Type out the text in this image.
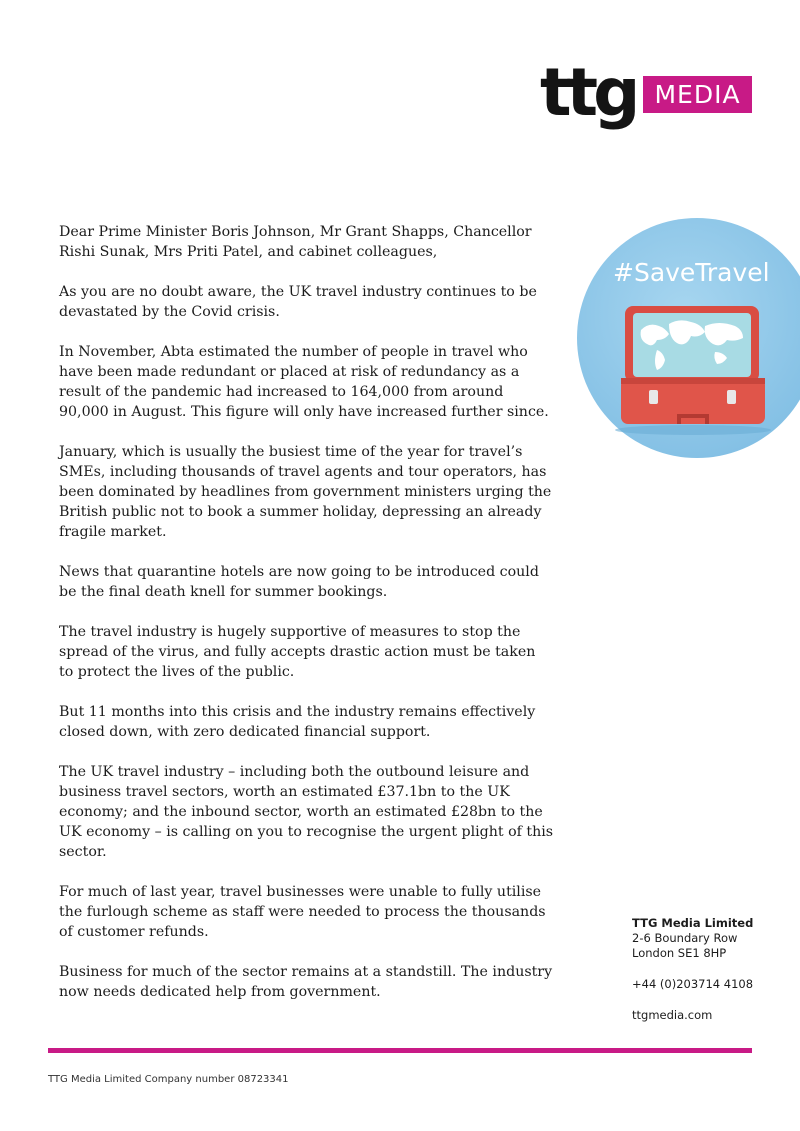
ttg MEDIA

Dear Prime Minister Boris Johnson, Mr Grant Shapps, Chancellor Rishi Sunak, Mrs Priti Patel, and cabinet colleagues,

As you are no doubt aware, the UK travel industry continues to be devastated by the Covid crisis.

In November, Abta estimated the number of people in travel who have been made redundant or placed at risk of redundancy as a result of the pandemic had increased to 164,000 from around 90,000 in August. This figure will only have increased further since.

January, which is usually the busiest time of the year for travel’s SMEs, including thousands of travel agents and tour operators, has been dominated by headlines from government ministers urging the British public not to book a summer holiday, depressing an already fragile market.

News that quarantine hotels are now going to be introduced could be the final death knell for summer bookings.

The travel industry is hugely supportive of measures to stop the spread of the virus, and fully accepts drastic action must be taken to protect the lives of the public.

But 11 months into this crisis and the industry remains effectively closed down, with zero dedicated financial support.

The UK travel industry – including both the outbound leisure and business travel sectors, worth an estimated £37.1bn to the UK economy; and the inbound sector, worth an estimated £28bn to the UK economy – is calling on you to recognise the urgent plight of this sector.

For much of last year, travel businesses were unable to fully utilise the furlough scheme as staff were needed to process the thousands of customer refunds.

Business for much of the sector remains at a standstill. The industry now needs dedicated help from government.

#SaveTravel
TTG Media Limited
2-6 Boundary Row
London SE1 8HP
+44 (0)203714 4108
ttgmedia.com
TTG Media Limited Company number 08723341
